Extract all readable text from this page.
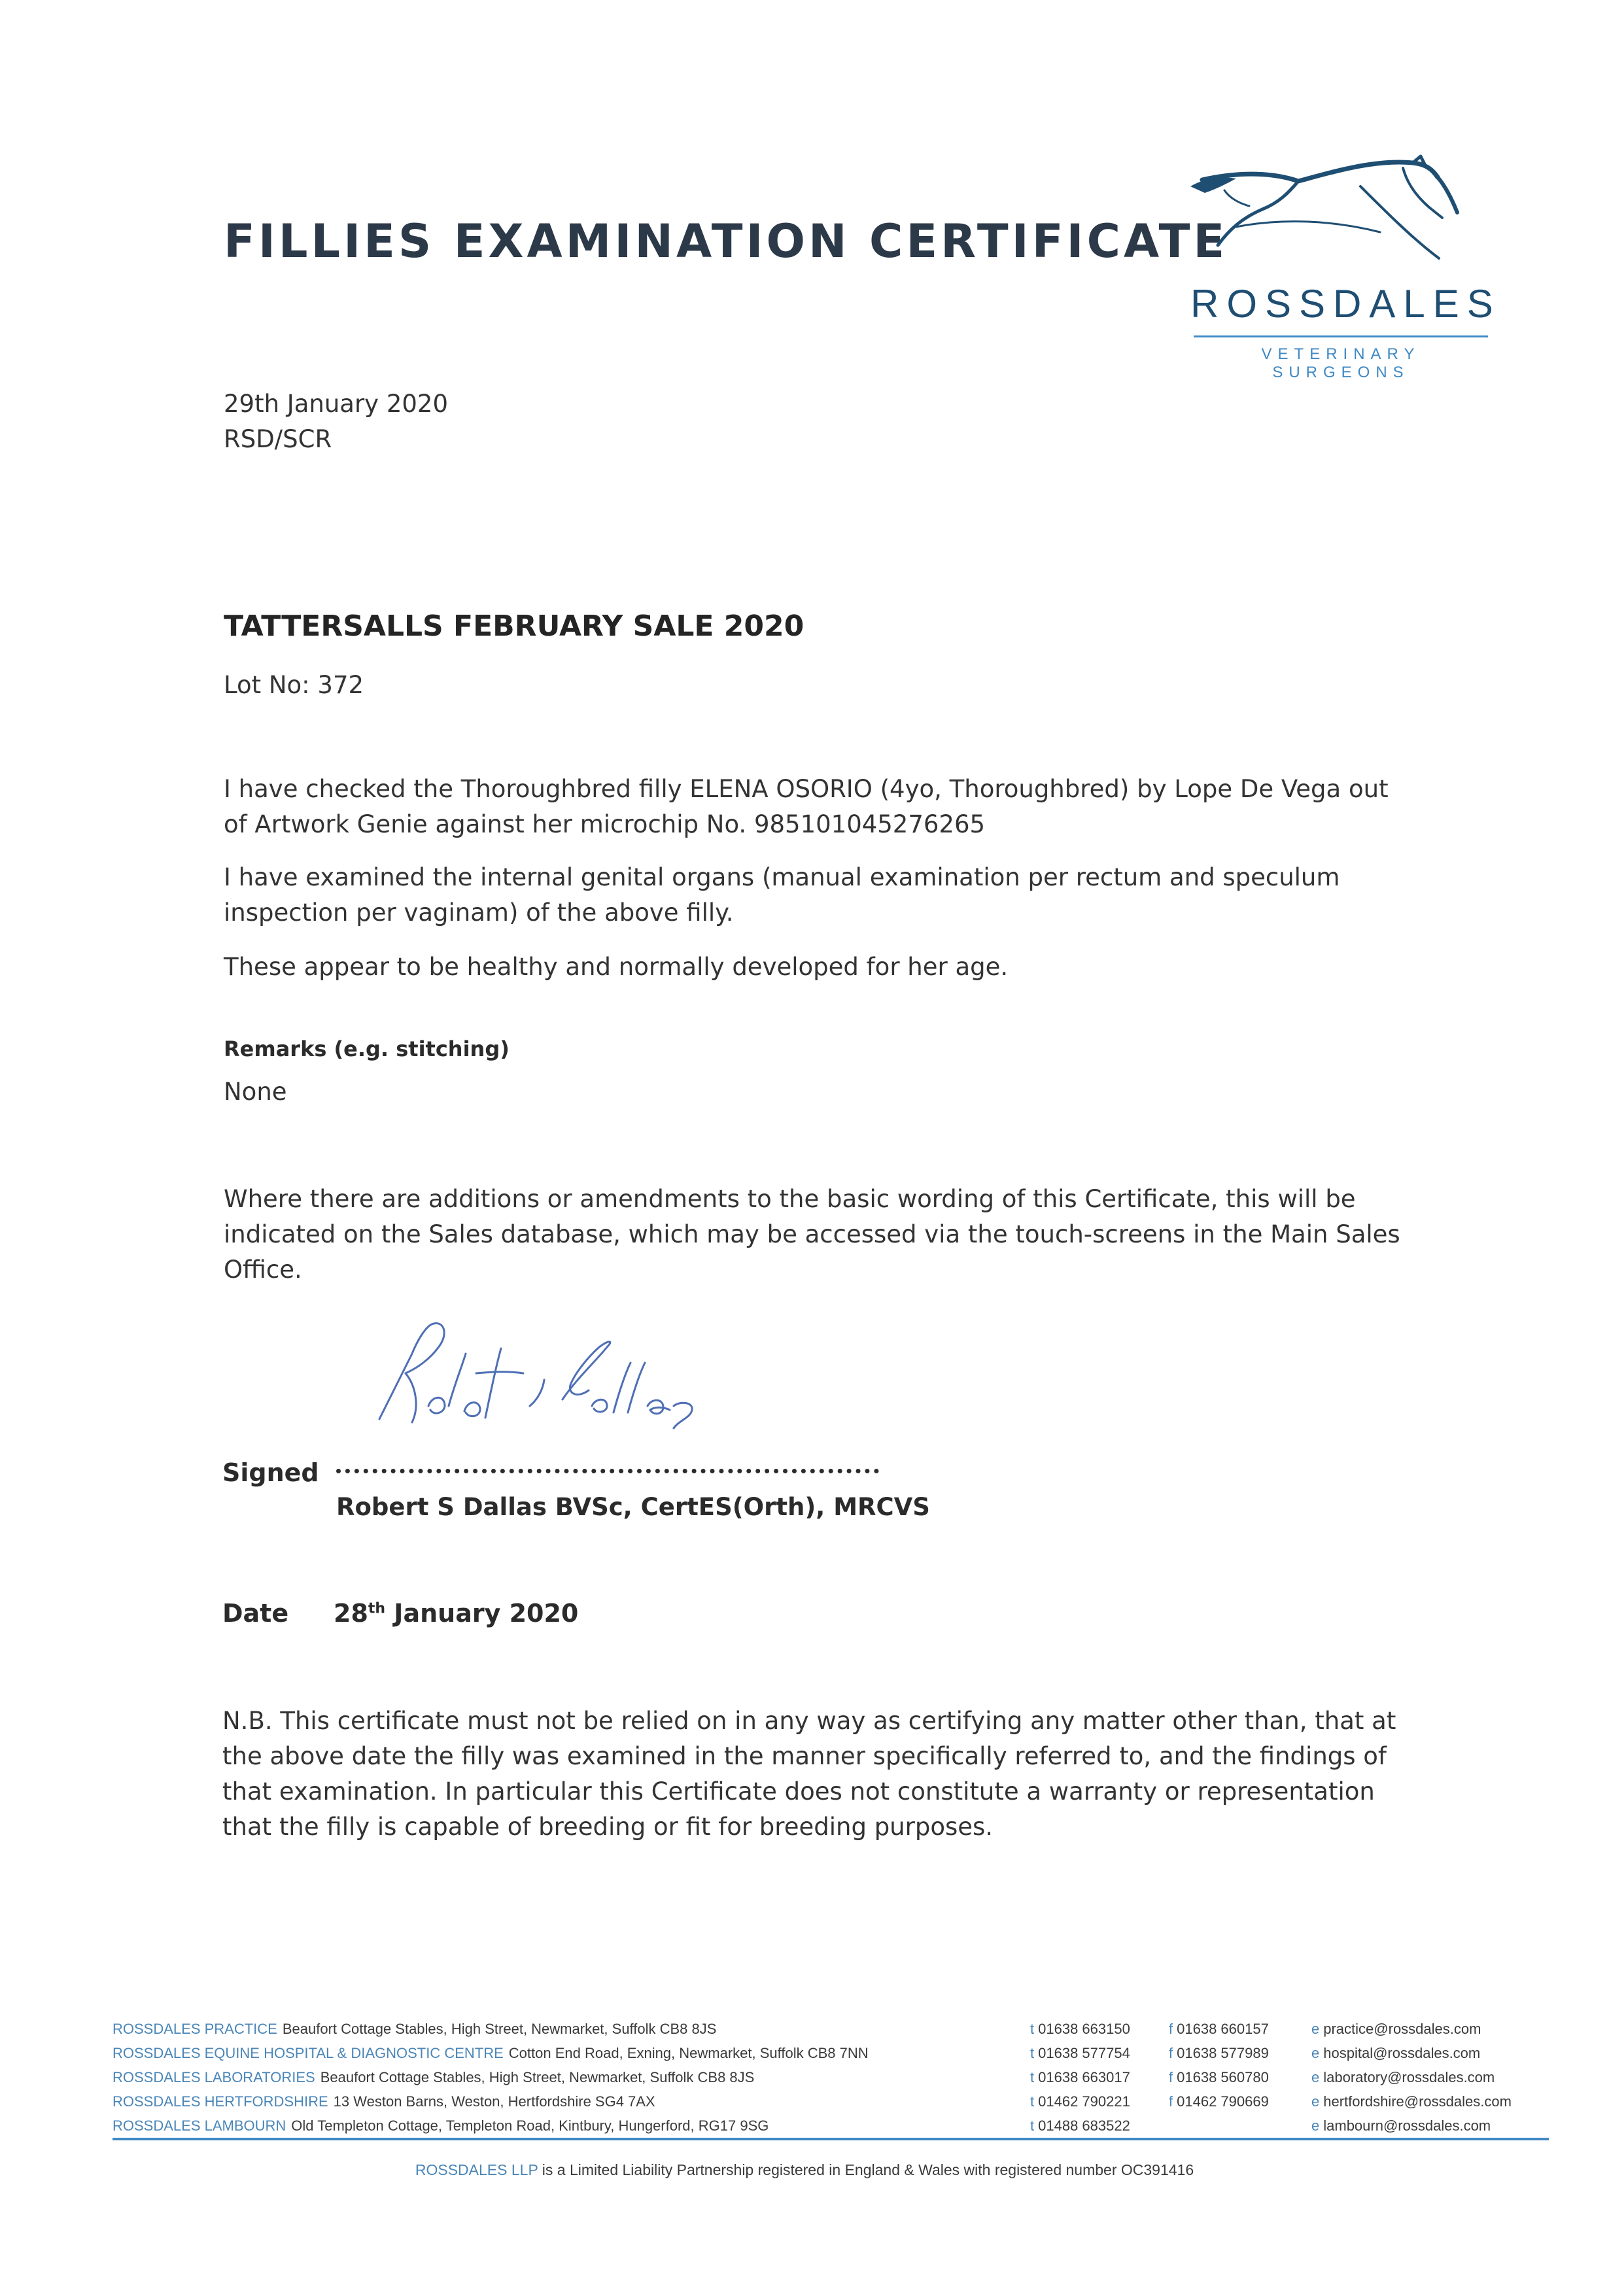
FILLIES EXAMINATION CERTIFICATE
ROSSDALES
VETERINARY SURGEONS
29th January 2020
RSD/SCR
TATTERSALLS FEBRUARY SALE 2020
Lot No: 372

I have checked the Thoroughbred filly ELENA OSORIO (4yo, Thoroughbred) by Lope De Vega out of Artwork Genie against her microchip No. 985101045276265

I have examined the internal genital organs (manual examination per rectum and speculum inspection per vaginam) of the above filly.

These appear to be healthy and normally developed for her age.

Remarks (e.g. stitching)
None

Where there are additions or amendments to the basic wording of this Certificate, this will be indicated on the Sales database, which may be accessed via the touch-screens in the Main Sales Office.

Signed
Robert S Dallas BVSc, CertES(Orth), MRCVS
Date 28th January 2020

N.B. This certificate must not be relied on in any way as certifying any matter other than, that at the above date the filly was examined in the manner specifically referred to, and the findings of that examination. In particular this Certificate does not constitute a warranty or representation that the filly is capable of breeding or fit for breeding purposes.

ROSSDALES PRACTICE Beaufort Cottage Stables, High Street, Newmarket, Suffolk CB8 8JS	t 01638 663150	f 01638 660157	e practice@rossdales.com
ROSSDALES EQUINE HOSPITAL & DIAGNOSTIC CENTRE Cotton End Road, Exning, Newmarket, Suffolk CB8 7NN	t 01638 577754	f 01638 577989	e hospital@rossdales.com
ROSSDALES LABORATORIES Beaufort Cottage Stables, High Street, Newmarket, Suffolk CB8 8JS	t 01638 663017	f 01638 560780	e laboratory@rossdales.com
ROSSDALES HERTFORDSHIRE 13 Weston Barns, Weston, Hertfordshire SG4 7AX	t 01462 790221	f 01462 790669	e hertfordshire@rossdales.com
ROSSDALES LAMBOURN Old Templeton Cottage, Templeton Road, Kintbury, Hungerford, RG17 9SG	t 01488 683522	e lambourn@rossdales.com
ROSSDALES LLP is a Limited Liability Partnership registered in England & Wales with registered number OC391416
